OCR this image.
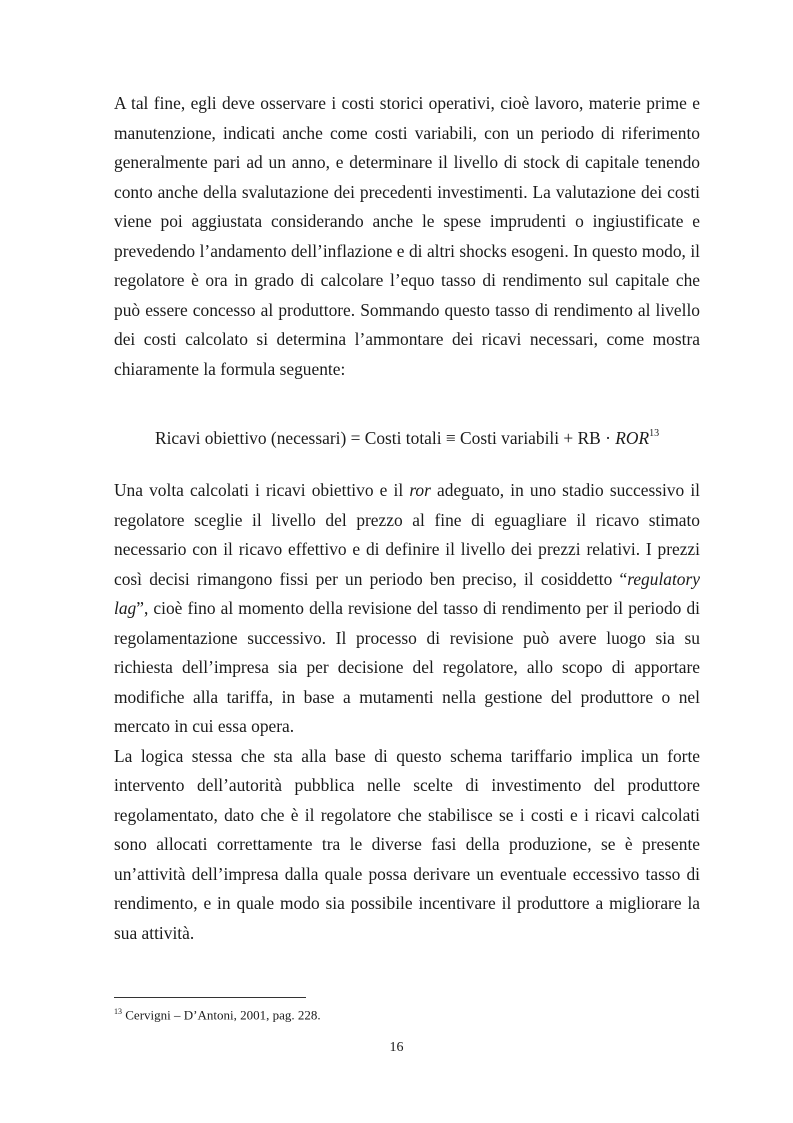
A tal fine, egli deve osservare i costi storici operativi, cioè lavoro, materie prime e manutenzione, indicati anche come costi variabili, con un periodo di riferimento generalmente pari ad un anno, e determinare il livello di stock di capitale tenendo conto anche della svalutazione dei precedenti investimenti. La valutazione dei costi viene poi aggiustata considerando anche le spese imprudenti o ingiustificate e prevedendo l’andamento dell’inflazione e di altri shocks esogeni. In questo modo, il regolatore è ora in grado di calcolare l’equo tasso di rendimento sul capitale che può essere concesso al produttore. Sommando questo tasso di rendimento al livello dei costi calcolato si determina l’ammontare dei ricavi necessari, come mostra chiaramente la formula seguente:

Ricavi obiettivo (necessari) = Costi totali ≡ Costi variabili + RB · $ROR^{13}$

Una volta calcolati i ricavi obiettivo e il ror adeguato, in uno stadio successivo il regolatore sceglie il livello del prezzo al fine di eguagliare il ricavo stimato necessario con il ricavo effettivo e di definire il livello dei prezzi relativi. I prezzi così decisi rimangono fissi per un periodo ben preciso, il cosiddetto “regulatory lag”, cioè fino al momento della revisione del tasso di rendimento per il periodo di regolamentazione successivo. Il processo di revisione può avere luogo sia su richiesta dell’impresa sia per decisione del regolatore, allo scopo di apportare modifiche alla tariffa, in base a mutamenti nella gestione del produttore o nel mercato in cui essa opera.

La logica stessa che sta alla base di questo schema tariffario implica un forte intervento dell’autorità pubblica nelle scelte di investimento del produttore regolamentato, dato che è il regolatore che stabilisce se i costi e i ricavi calcolati sono allocati correttamente tra le diverse fasi della produzione, se è presente un’attività dell’impresa dalla quale possa derivare un eventuale eccessivo tasso di rendimento, e in quale modo sia possibile incentivare il produttore a migliorare la sua attività.

$^{13}$ Cervigni – D’Antoni, 2001, pag. 228.
16
